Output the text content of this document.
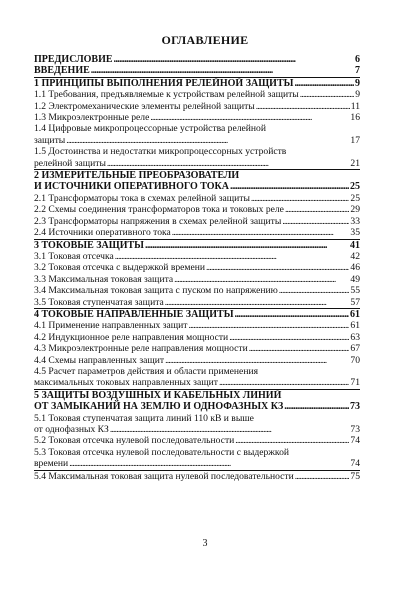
ОГЛАВЛЕНИЕ
ПРЕДИСЛОВИЕ . . .	6
ВВЕДЕНИЕ . . .	7
1 ПРИНЦИПЫ ВЫПОЛНЕНИЯ РЕЛЕЙНОЙ ЗАЩИТЫ . . .	9
1.1 Требования, предъявляемые к устройствам релейной защиты . . .	9
1.2 Электромеханические элементы релейной защиты . . .	11
1.3 Микроэлектронные реле . . .	16
1.4 Цифровые микропроцессорные устройства релейной
защиты . . .	17
1.5 Достоинства и недостатки микропроцессорных устройств
релейной защиты . . .	21
2 ИЗМЕРИТЕЛЬНЫЕ ПРЕОБРАЗОВАТЕЛИ
И ИСТОЧНИКИ ОПЕРАТИВНОГО ТОКА . . .	25
2.1 Трансформаторы тока в схемах релейной защиты . . .	25
2.2 Схемы соединения трансформаторов тока и токовых реле . . .	29
2.3 Трансформаторы напряжения в схемах релейной защиты . . .	33
2.4 Источники оперативного тока . . .	35
3 ТОКОВЫЕ ЗАЩИТЫ . . .	41
3.1 Токовая отсечка . . .	42
3.2 Токовая отсечка с выдержкой времени . . .	46
3.3 Максимальная токовая защита . . .	49
3.4 Максимальная токовая защита с пуском по напряжению . . .	55
3.5 Токовая ступенчатая защита . . .	57
4 ТОКОВЫЕ НАПРАВЛЕННЫЕ ЗАЩИТЫ . . .	61
4.1 Применение направленных защит . . .	61
4.2 Индукционное реле направления мощности . . .	63
4.3 Микроэлектронные реле направления мощности . . .	67
4.4 Схемы направленных защит . . .	70
4.5 Расчет параметров действия и области применения
максимальных токовых направленных защит . . .	71
5 ЗАЩИТЫ ВОЗДУШНЫХ И КАБЕЛЬНЫХ ЛИНИЙ
ОТ ЗАМЫКАНИЙ НА ЗЕМЛЮ И ОДНОФАЗНЫХ КЗ . . .	73
5.1 Токовая ступенчатая защита линий 110 кВ и выше
от однофазных КЗ . . .	73
5.2 Токовая отсечка нулевой последовательности . . .	74
5.3 Токовая отсечка нулевой последовательности с выдержкой
времени . . .	74
5.4 Максимальная токовая защита нулевой последовательности . . .	75
3
